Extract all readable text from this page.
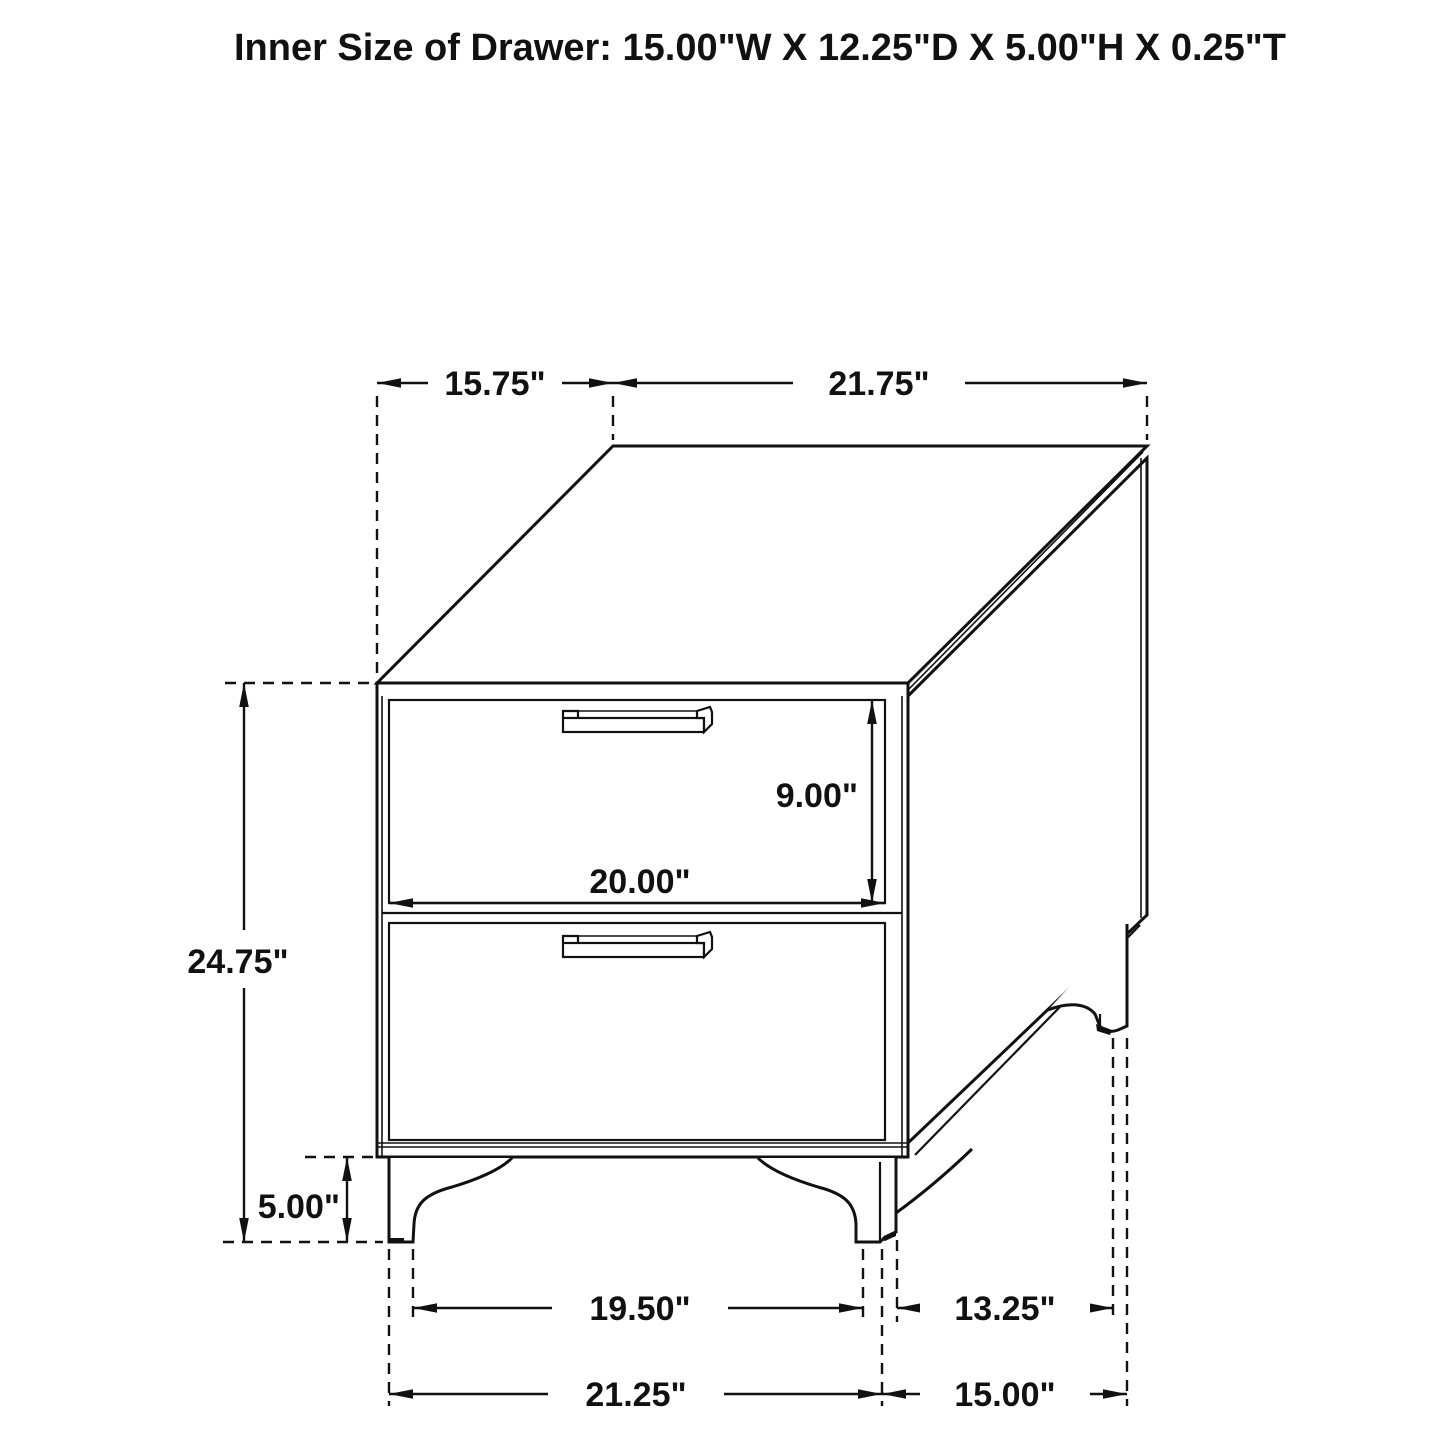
Inner Size of Drawer: 15.00"W X 12.25"D X 5.00"H X 0.25"T
15.75"	21.75"
24.75"
9.00"
20.00"
5.00"
19.50"	13.25"
21.25"	15.00"
